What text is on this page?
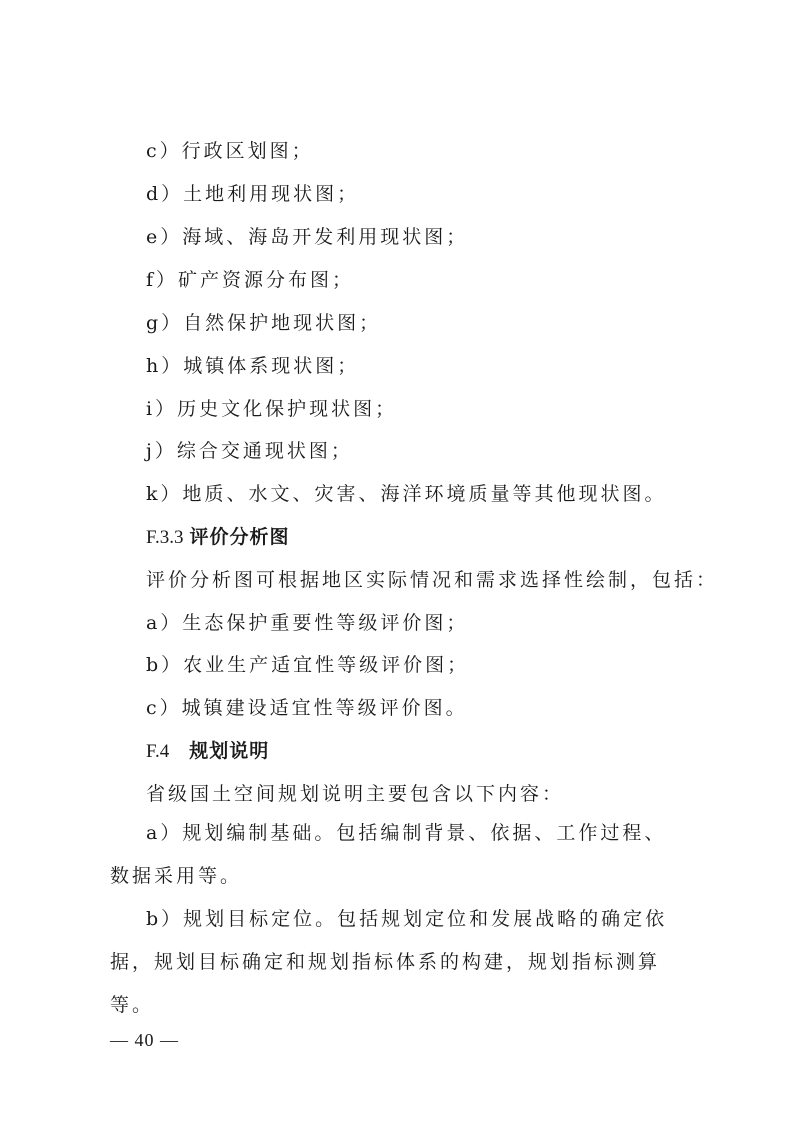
c）行政区划图；
d）土地利用现状图；
e）海域、海岛开发利用现状图；
f）矿产资源分布图；
g）自然保护地现状图；
h）城镇体系现状图；
i）历史文化保护现状图；
j）综合交通现状图；
k）地质、水文、灾害、海洋环境质量等其他现状图。
F.3.3 评价分析图
评价分析图可根据地区实际情况和需求选择性绘制，包括：
a）生态保护重要性等级评价图；
b）农业生产适宜性等级评价图；
c）城镇建设适宜性等级评价图。
F.4 规划说明
省级国土空间规划说明主要包含以下内容：
a）规划编制基础。包括编制背景、依据、工作过程、数据采用等。
b）规划目标定位。包括规划定位和发展战略的确定依据，规划目标确定和规划指标体系的构建，规划指标测算等。
— 40 —
